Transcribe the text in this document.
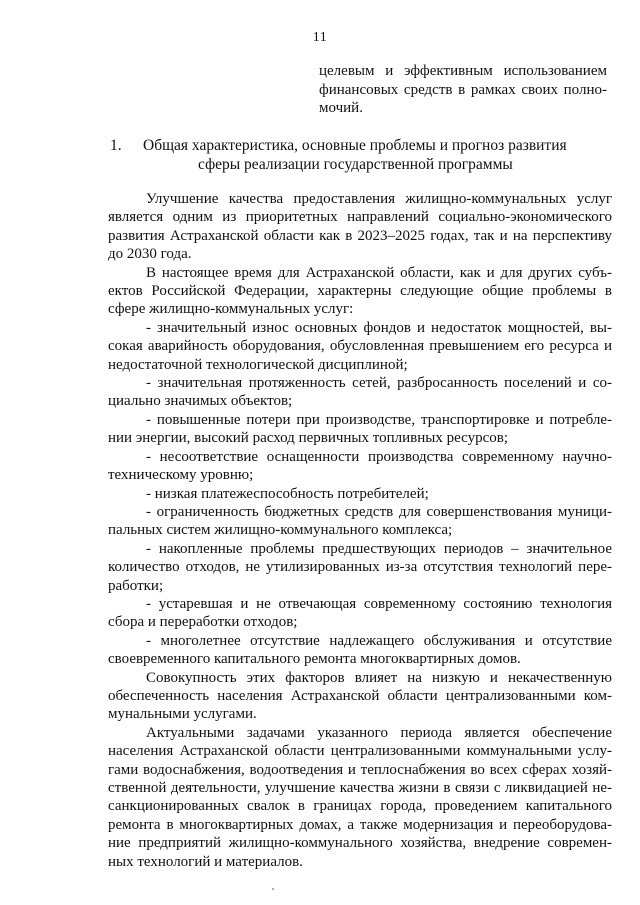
11
целевым и эффективным использованием финансовых средств в рамках своих полно-мочий.
1. Общая характеристика, основные проблемы и прогноз развития
сферы реализации государственной программы

Улучшение качества предоставления жилищно-коммунальных услуг является одним из приоритетных направлений социально-экономического развития Астраханской области как в 2023–2025 годах, так и на перспективу до 2030 года.

В настоящее время для Астраханской области, как и для других субъ-ектов Российской Федерации, характерны следующие общие проблемы в сфере жилищно-коммунальных услуг:

- значительный износ основных фондов и недостаток мощностей, вы-сокая аварийность оборудования, обусловленная превышением его ресурса и недостаточной технологической дисциплиной;

- значительная протяженность сетей, разбросанность поселений и со-циально значимых объектов;

- повышенные потери при производстве, транспортировке и потребле-нии энергии, высокий расход первичных топливных ресурсов;

- несоответствие оснащенности производства современному научно-техническому уровню;

- низкая платежеспособность потребителей;

- ограниченность бюджетных средств для совершенствования муници-пальных систем жилищно-коммунального комплекса;

- накопленные проблемы предшествующих периодов – значительное количество отходов, не утилизированных из-за отсутствия технологий пере-работки;

- устаревшая и не отвечающая современному состоянию технология сбора и переработки отходов;

- многолетнее отсутствие надлежащего обслуживания и отсутствие своевременного капитального ремонта многоквартирных домов.

Совокупность этих факторов влияет на низкую и некачественную обеспеченность населения Астраханской области централизованными ком-мунальными услугами.

Актуальными задачами указанного периода является обеспечение населения Астраханской области централизованными коммунальными услу-гами водоснабжения, водоотведения и теплоснабжения во всех сферах хозяй-ственной деятельности, улучшение качества жизни в связи с ликвидацией не-санкционированных свалок в границах города, проведением капитального ремонта в многоквартирных домах, а также модернизация и переоборудова-ние предприятий жилищно-коммунального хозяйства, внедрение современ-ных технологий и материалов.
